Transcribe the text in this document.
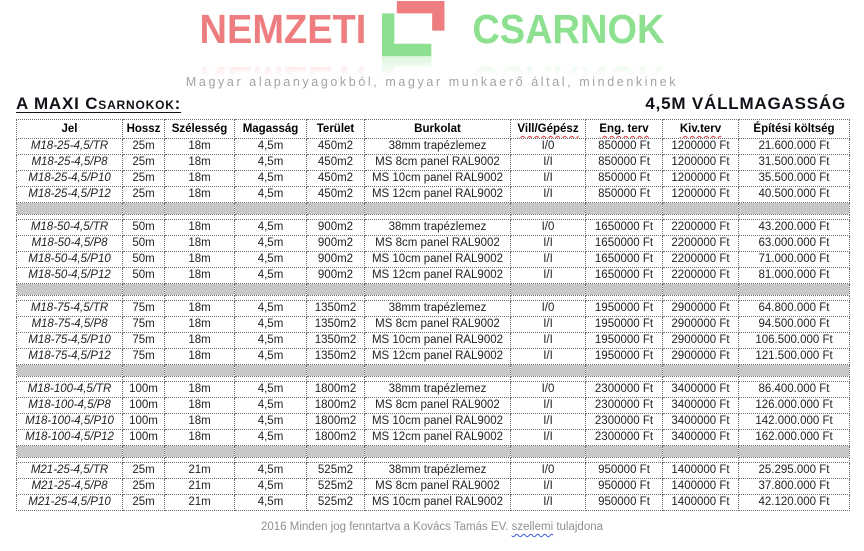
NEMZETI	CSARNOK
Magyar alapanyagokból, magyar munkaerő által, mindenkinek
A MAXI Csarnokok:	4,5M VÁLLMAGASSÁG
Jel	Hossz	Szélesség	Magasság	Terület	Burkolat	Vill/Gépész	Eng. terv	Kiv.terv	Építési költség
M18-25-4,5/TR	25m	18m	4,5m	450m2	38mm trapézlemez	I/0	850000 Ft	1200000 Ft	21.600.000 Ft
M18-25-4,5/P8	25m	18m	4,5m	450m2	MS 8cm panel RAL9002	I/I	850000 Ft	1200000 Ft	31.500.000 Ft
M18-25-4,5/P10	25m	18m	4,5m	450m2	MS 10cm panel RAL9002	I/I	850000 Ft	1200000 Ft	35.500.000 Ft
M18-25-4,5/P12	25m	18m	4,5m	450m2	MS 12cm panel RAL9002	I/I	850000 Ft	1200000 Ft	40.500.000 Ft

M18-50-4,5/TR	50m	18m	4,5m	900m2	38mm trapézlemez	I/0	1650000 Ft	2200000 Ft	43.200.000 Ft
M18-50-4,5/P8	50m	18m	4,5m	900m2	MS 8cm panel RAL9002	I/I	1650000 Ft	2200000 Ft	63.000.000 Ft
M18-50-4,5/P10	50m	18m	4,5m	900m2	MS 10cm panel RAL9002	I/I	1650000 Ft	2200000 Ft	71.000.000 Ft
M18-50-4,5/P12	50m	18m	4,5m	900m2	MS 12cm panel RAL9002	I/I	1650000 Ft	2200000 Ft	81.000.000 Ft

M18-75-4,5/TR	75m	18m	4,5m	1350m2	38mm trapézlemez	I/0	1950000 Ft	2900000 Ft	64.800.000 Ft
M18-75-4,5/P8	75m	18m	4,5m	1350m2	MS 8cm panel RAL9002	I/I	1950000 Ft	2900000 Ft	94.500.000 Ft
M18-75-4,5/P10	75m	18m	4,5m	1350m2	MS 10cm panel RAL9002	I/I	1950000 Ft	2900000 Ft	106.500.000 Ft
M18-75-4,5/P12	75m	18m	4,5m	1350m2	MS 12cm panel RAL9002	I/I	1950000 Ft	2900000 Ft	121.500.000 Ft

M18-100-4,5/TR	100m	18m	4,5m	1800m2	38mm trapézlemez	I/0	2300000 Ft	3400000 Ft	86.400.000 Ft
M18-100-4,5/P8	100m	18m	4,5m	1800m2	MS 8cm panel RAL9002	I/I	2300000 Ft	3400000 Ft	126.000.000 Ft
M18-100-4,5/P10	100m	18m	4,5m	1800m2	MS 10cm panel RAL9002	I/I	2300000 Ft	3400000 Ft	142.000.000 Ft
M18-100-4,5/P12	100m	18m	4,5m	1800m2	MS 12cm panel RAL9002	I/I	2300000 Ft	3400000 Ft	162.000.000 Ft

M21-25-4,5/TR	25m	21m	4,5m	525m2	38mm trapézlemez	I/0	950000 Ft	1400000 Ft	25.295.000 Ft
M21-25-4,5/P8	25m	21m	4,5m	525m2	MS 8cm panel RAL9002	I/I	950000 Ft	1400000 Ft	37.800.000 Ft
M21-25-4,5/P10	25m	21m	4,5m	525m2	MS 10cm panel RAL9002	I/I	950000 Ft	1400000 Ft	42.120.000 Ft
2016 Minden jog fenntartva a Kovács Tamás EV. szellemi tulajdona
